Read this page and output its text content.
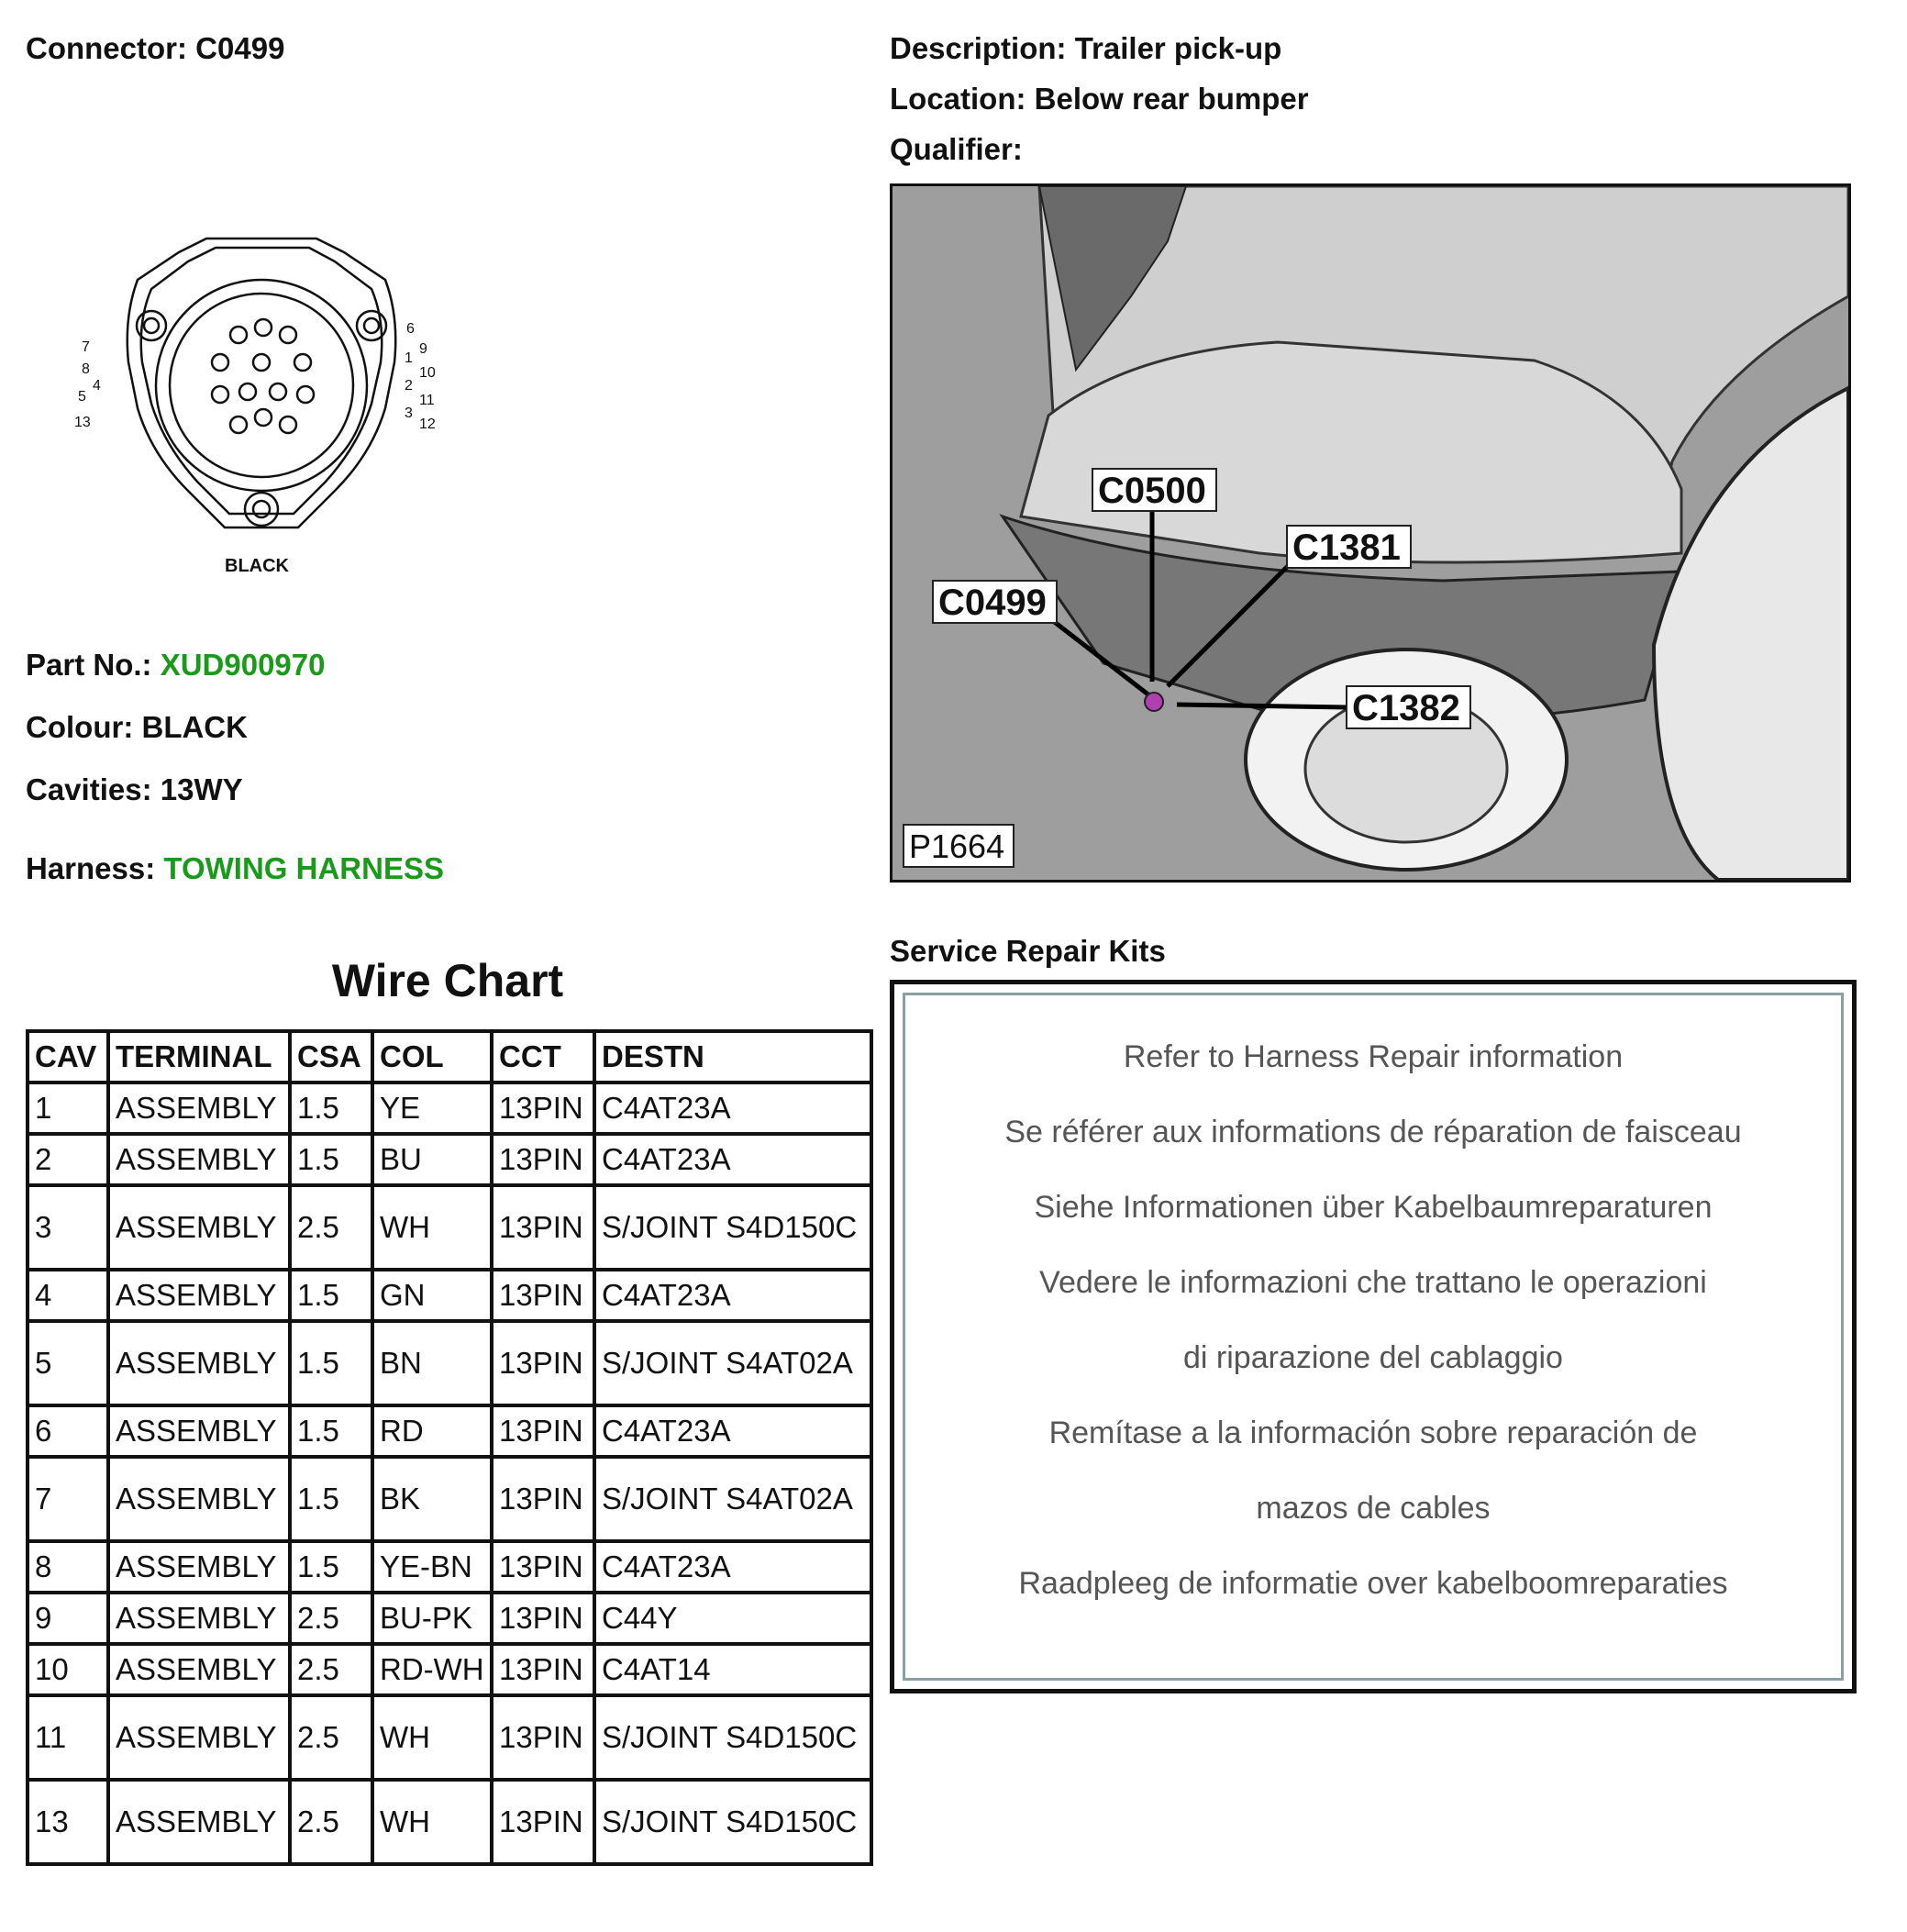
Connector: C0499	Description: Trailer pick-up
Location: Below rear bumper
Qualifier:
7
8
4
5
13
6
9
1
10
2
11
3
12
BLACK
Part No.: XUD900970
Colour: BLACK
Cavities: 13WY
Harness: TOWING HARNESS
C0500
C1381
C0499
C1382
P1664
Wire Chart
CAV	TERMINAL	CSA	COL	CCT	DESTN
1	ASSEMBLY	1.5	YE	13PIN	C4AT23A
2	ASSEMBLY	1.5	BU	13PIN	C4AT23A
3	ASSEMBLY	2.5	WH	13PIN	S/JOINT S4D150C
4	ASSEMBLY	1.5	GN	13PIN	C4AT23A
5	ASSEMBLY	1.5	BN	13PIN	S/JOINT S4AT02A
6	ASSEMBLY	1.5	RD	13PIN	C4AT23A
7	ASSEMBLY	1.5	BK	13PIN	S/JOINT S4AT02A
8	ASSEMBLY	1.5	YE-BN	13PIN	C4AT23A
9	ASSEMBLY	2.5	BU-PK	13PIN	C44Y
10	ASSEMBLY	2.5	RD-WH	13PIN	C4AT14
11	ASSEMBLY	2.5	WH	13PIN	S/JOINT S4D150C
13	ASSEMBLY	2.5	WH	13PIN	S/JOINT S4D150C
Service Repair Kits
Refer to Harness Repair information
Se référer aux informations de réparation de faisceau
Siehe Informationen über Kabelbaumreparaturen
Vedere le informazioni che trattano le operazioni
di riparazione del cablaggio
Remítase a la información sobre reparación de
mazos de cables
Raadpleeg de informatie over kabelboomreparaties
